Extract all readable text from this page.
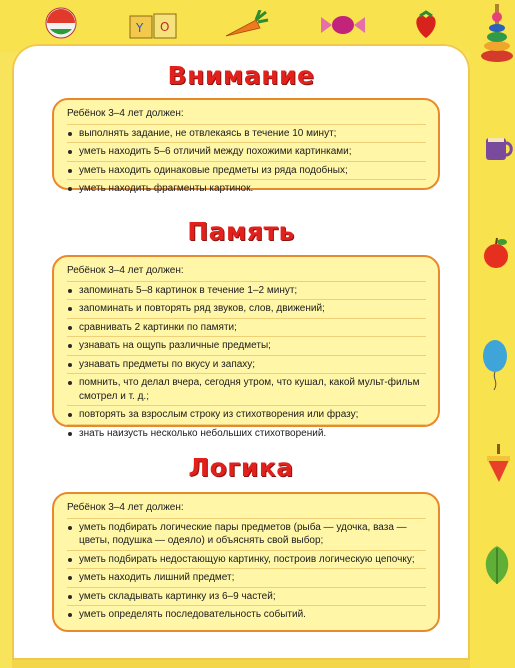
Y O
Внимание
Ребёнок 3–4 лет должен:
выполнять задание, не отвлекаясь в течение 10 минут;
уметь находить 5–6 отличий между похожими картинками;
уметь находить одинаковые предметы из ряда подобных;
уметь находить фрагменты картинок.
Память
Ребёнок 3–4 лет должен:
запоминать 5–8 картинок в течение 1–2 минут;
запоминать и повторять ряд звуков, слов, движений;
сравнивать 2 картинки по памяти;
узнавать на ощупь различные предметы;
узнавать предметы по вкусу и запаху;
помнить, что делал вчера, сегодня утром, что кушал, какой мульт-фильм смотрел и т. д.;
повторять за взрослым строку из стихотворения или фразу;
знать наизусть несколько небольших стихотворений.
Логика
Ребёнок 3–4 лет должен:
уметь подбирать логические пары предметов (рыба — удочка, ваза — цветы, подушка — одеяло) и объяснять свой выбор;
уметь подбирать недостающую картинку, построив логическую цепочку;
уметь находить лишний предмет;
уметь складывать картинку из 6–9 частей;
уметь определять последовательность событий.
